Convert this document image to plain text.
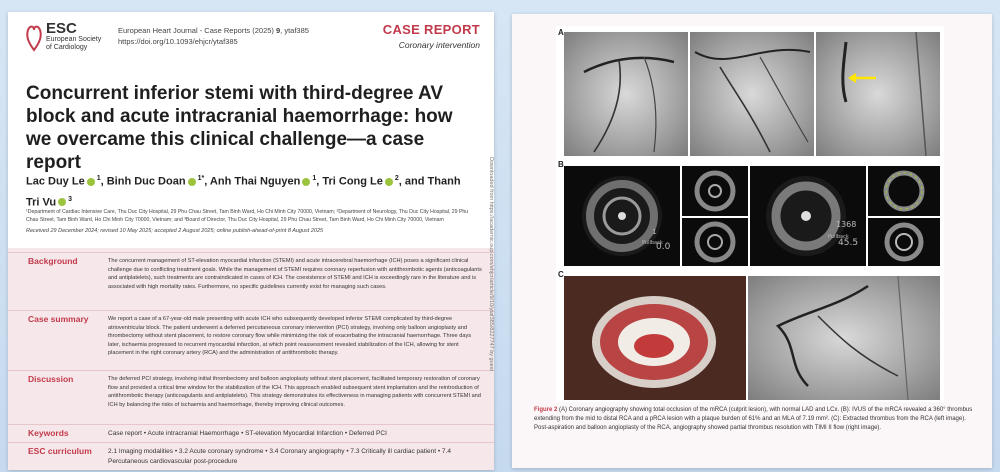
ESC
European Society
of Cardiology
European Heart Journal - Case Reports (2025) 9, ytaf385
https://doi.org/10.1093/ehjcr/ytaf385
CASE REPORT
Coronary intervention
Concurrent inferior stemi with third-degree AV block and acute intracranial haemorrhage: how we overcame this clinical challenge—a case report
Lac Duy Le $^1$, Binh Duc Doan $^{1*}$, Anh Thai Nguyen $^1$, Tri Cong Le $^2$, and Thanh Tri Vu $^3$
¹Department of Cardiac Intensive Care, Thu Duc City Hospital, 29 Phu Chau Street, Tam Binh Ward, Ho Chi Minh City 70000, Vietnam; ²Department of Neurology, Thu Duc City Hospital, 29 Phu Chau Street, Tam Binh Ward, Ho Chi Minh City 70000, Vietnam; and ³Board of Director, Thu Duc City Hospital, 29 Phu Chau Street, Tam Binh Ward, Ho Chi Minh City 70000, Vietnam
Received 29 December 2024; revised 10 May 2025; accepted 2 August 2025; online publish-ahead-of-print 8 August 2025
Background	The concurrent management of ST-elevation myocardial infarction (STEMI) and acute intracerebral haemorrhage (ICH) poses a significant clinical challenge due to conflicting treatment goals. While the management of STEMI requires coronary reperfusion with antithrombotic agents (anticoagulants and antiplatelets), such treatments are contraindicated in cases of ICH. The coexistence of STEMI and ICH is exceedingly rare in the literature and is associated with high mortality rates. Furthermore, no specific guidelines currently exist for managing such cases.
Case summary	We report a case of a 67-year-old male presenting with acute ICH who subsequently developed inferior STEMI complicated by third-degree atrioventricular block. The patient underwent a deferred percutaneous coronary intervention (PCI) strategy, involving only balloon angioplasty and thrombectomy without stent placement, to restore coronary flow while minimizing the risk of exacerbating the intracranial haemorrhage. Three days later, ischaemia progressed to recurrent myocardial infarction, at which point reassessment revealed stabilization of the ICH, allowing for stent placement in the right coronary artery (RCA) and the administration of antithrombotic therapy.
Discussion	The deferred PCI strategy, involving initial thrombectomy and balloon angioplasty without stent placement, facilitated temporary restoration of coronary flow and provided a critical time window for the stabilization of the ICH. This approach enabled subsequent stent implantation and the reintroduction of antithrombotic therapy (anticoagulants and antiplatelets). This strategy demonstrates its effectiveness in managing patients with concurrent STEMI and ICH by balancing the risks of ischaemia and haemorrhage, thereby improving clinical outcomes.
Keywords	Case report • Acute intracranial Haemorrhage • ST-elevation Myocardial Infarction • Deferred PCI
ESC curriculum 2.1 Imaging modalities • 3.2 Acute coronary syndrome • 3.4 Coronary angiography • 7.3 Critically ill cardiac patient • 7.4 Percutaneous cardiovascular post-procedure
Downloaded from https://academic.oup.com/ehjcr/article/9/10/ytaf385/8227747 by guest
A
B
1
Pullback
0.0
1368
Pullback
45.5
C
Figure 2 (A) Coronary angiography showing total occlusion of the mRCA (culprit lesion), with normal LAD and LCx. (B): IVUS of the mRCA revealed a 360° thrombus extending from the mid to distal RCA and a pRCA lesion with a plaque burden of 61% and an MLA of 7.19 mm². (C): Extracted thrombus from the RCA (left image). Post-aspiration and balloon angioplasty of the RCA, angiography showed partial thrombus resolution with TIMI II flow (right image).
